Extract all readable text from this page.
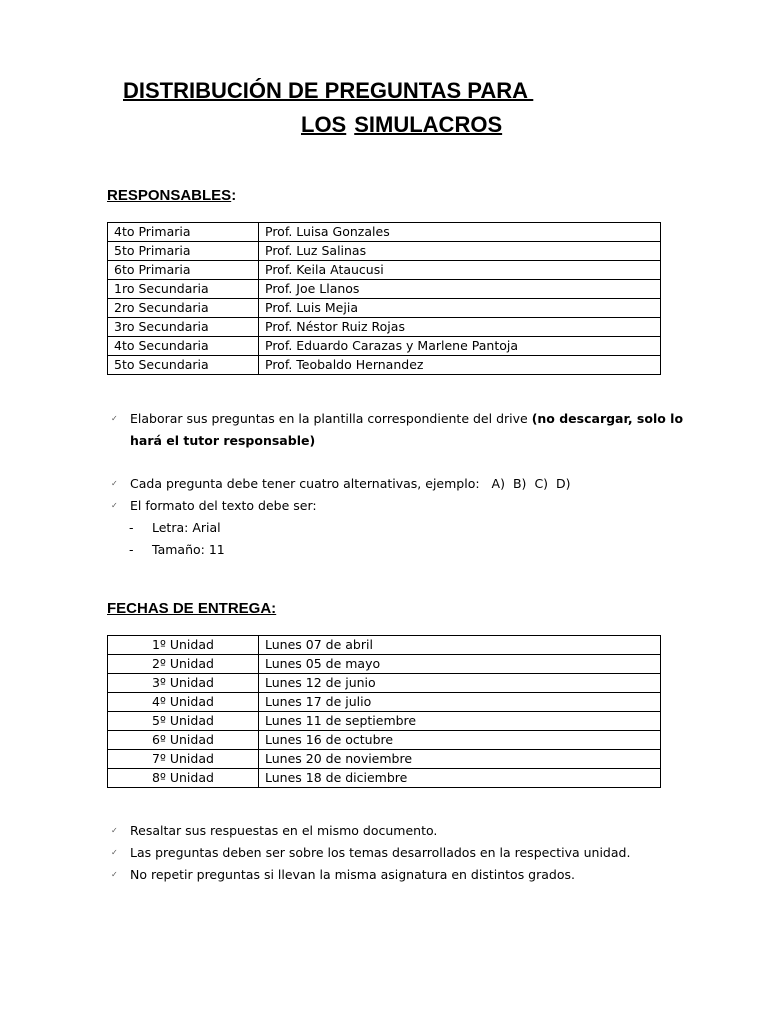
DISTRIBUCIÓN DE PREGUNTAS PARA
LOS SIMULACROS
RESPONSABLES:
4to Primaria	Prof. Luisa Gonzales
5to Primaria	Prof. Luz Salinas
6to Primaria	Prof. Keila Ataucusi
1ro Secundaria	Prof. Joe Llanos
2ro Secundaria	Prof. Luis Mejia
3ro Secundaria	Prof. Néstor Ruiz Rojas
4to Secundaria	Prof. Eduardo Carazas y Marlene Pantoja
5to Secundaria	Prof. Teobaldo Hernandez
✓ Elaborar sus preguntas en la plantilla correspondiente del drive (no descargar, solo lo
hará el tutor responsable)
✓ Cada pregunta debe tener cuatro alternativas, ejemplo: A) B) C) D)
✓ El formato del texto debe ser:
- Letra: Arial
- Tamaño: 11
FECHAS DE ENTREGA:
1º Unidad	Lunes 07 de abril
2º Unidad	Lunes 05 de mayo
3º Unidad	Lunes 12 de junio
4º Unidad	Lunes 17 de julio
5º Unidad	Lunes 11 de septiembre
6º Unidad	Lunes 16 de octubre
7º Unidad	Lunes 20 de noviembre
8º Unidad	Lunes 18 de diciembre
✓ Resaltar sus respuestas en el mismo documento.
✓ Las preguntas deben ser sobre los temas desarrollados en la respectiva unidad.
✓ No repetir preguntas si llevan la misma asignatura en distintos grados.
